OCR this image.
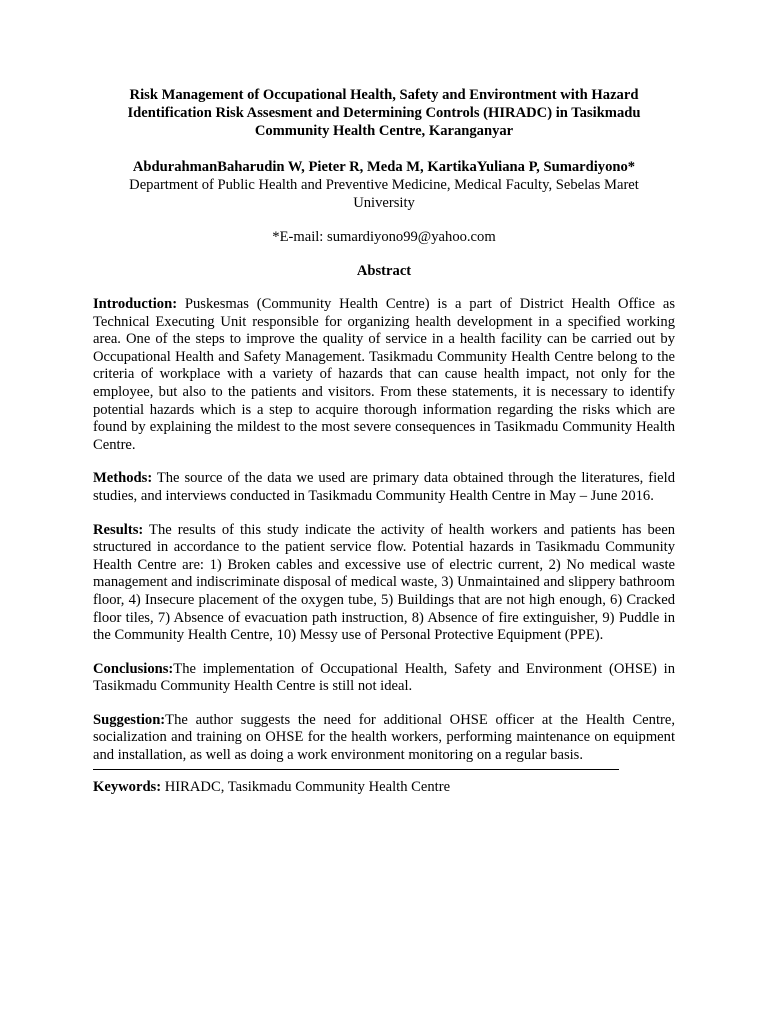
Risk Management of Occupational Health, Safety and Environtment with Hazard Identification Risk Assesment and Determining Controls (HIRADC) in Tasikmadu Community Health Centre, Karanganyar

AbdurahmanBaharudin W, Pieter R, Meda M, KartikaYuliana P, Sumardiyono*

Department of Public Health and Preventive Medicine, Medical Faculty, Sebelas Maret University

*E-mail: sumardiyono99@yahoo.com

Abstract

Introduction: Puskesmas (Community Health Centre) is a part of District Health Office as Technical Executing Unit responsible for organizing health development in a specified working area. One of the steps to improve the quality of service in a health facility can be carried out by Occupational Health and Safety Management. Tasikmadu Community Health Centre belong to the criteria of workplace with a variety of hazards that can cause health impact, not only for the employee, but also to the patients and visitors. From these statements, it is necessary to identify potential hazards which is a step to acquire thorough information regarding the risks which are found by explaining the mildest to the most severe consequences in Tasikmadu Community Health Centre.

Methods: The source of the data we used are primary data obtained through the literatures, field studies, and interviews conducted in Tasikmadu Community Health Centre in May – June 2016.

Results: The results of this study indicate the activity of health workers and patients has been structured in accordance to the patient service flow. Potential hazards in Tasikmadu Community Health Centre are: 1) Broken cables and excessive use of electric current, 2) No medical waste management and indiscriminate disposal of medical waste, 3) Unmaintained and slippery bathroom floor, 4) Insecure placement of the oxygen tube, 5) Buildings that are not high enough, 6) Cracked floor tiles, 7) Absence of evacuation path instruction, 8) Absence of fire extinguisher, 9) Puddle in the Community Health Centre, 10) Messy use of Personal Protective Equipment (PPE).

Conclusions:The implementation of Occupational Health, Safety and Environment (OHSE) in Tasikmadu Community Health Centre is still not ideal.

Suggestion:The author suggests the need for additional OHSE officer at the Health Centre, socialization and training on OHSE for the health workers, performing maintenance on equipment and installation, as well as doing a work environment monitoring on a regular basis.

Keywords: HIRADC, Tasikmadu Community Health Centre
